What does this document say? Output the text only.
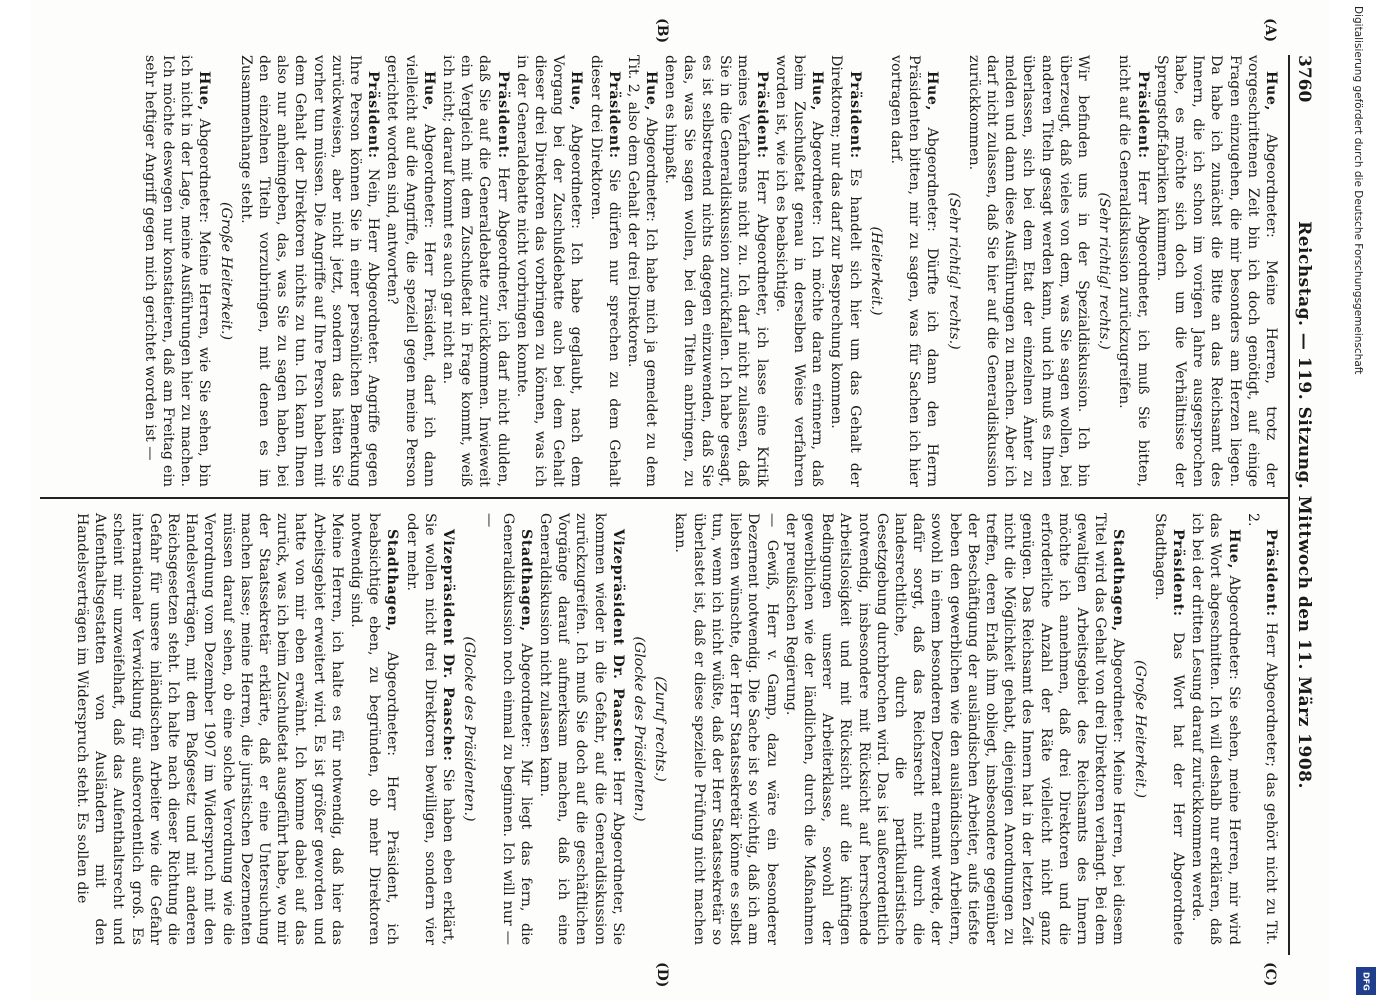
3760
Reichstag. — 119. Sitzung. Mittwoch den 11. März 1908.
(A)
(B)
(C)
(D)

Hue, Abgeordneter: Meine Herren, trotz der vorgeschrittenen Zeit bin ich doch genötigt, auf einige Fragen einzugehen, die mir besonders am Herzen liegen. Da habe ich zunächst die Bitte an das Reichsamt des Innern, die ich schon im vorigen Jahre ausgesprochen habe, es möchte sich doch um die Verhältnisse der Sprengstoff-fabriken kümmern.

Präsident: Herr Abgeordneter, ich muß Sie bitten, nicht auf die Generaldiskussion zurückzugreifen.

(Sehr richtig! rechts.)

Wir befinden uns in der Spezialdiskussion. Ich bin überzeugt, daß vieles von dem, was Sie sagen wollen, bei anderen Titeln gesagt werden kann, und ich muß es Ihnen überlassen, sich bei dem Etat der einzelnen Ämter zu melden und dann diese Ausführungen zu machen. Aber ich darf nicht zulassen, daß Sie hier auf die Generaldiskussion zurückkommen.

(Sehr richtig! rechts.)

Hue, Abgeordneter: Dürfte ich dann den Herrn Präsidenten bitten, mir zu sagen, was für Sachen ich hier vortragen darf.

(Heiterkeit.)

Präsident: Es handelt sich hier um das Gehalt der Direktoren; nur das darf zur Besprechung kommen.

Hue, Abgeordneter: Ich möchte daran erinnern, daß beim Zuschußetat genau in derselben Weise verfahren worden ist, wie ich es beabsichtige.

Präsident: Herr Abgeordneter, ich lasse eine Kritik meines Verfahrens nicht zu. Ich darf nicht zulassen, daß Sie in die Generaldiskussion zurückfallen. Ich habe gesagt, es ist selbstredend nichts dagegen einzuwenden, daß Sie das, was Sie sagen wollen, bei den Titeln anbringen, zu denen es hinpaßt.

Hue, Abgeordneter: Ich habe mich ja gemeldet zu dem Tit. 2, also dem Gehalt der drei Direktoren.

Präsident: Sie dürfen nur sprechen zu dem Gehalt dieser drei Direktoren.

Hue, Abgeordneter: Ich habe geglaubt, nach dem Vorgang bei der Zuschußdebatte auch bei dem Gehalt dieser drei Direktoren das vorbringen zu können, was ich in der Generaldebatte nicht vorbringen konnte.

Präsident: Herr Abgeordneter, ich darf nicht dulden, daß Sie auf die Generaldebatte zurückkommen. Inwieweit ein Vergleich mit dem Zuschußetat in Frage kommt, weiß ich nicht; darauf kommt es auch gar nicht an.

Hue, Abgeordneter: Herr Präsident, darf ich dann vielleicht auf die Angriffe, die speziell gegen meine Person gerichtet worden sind, antworten?

Präsident: Nein, Herr Abgeordneter. Angriffe gegen Ihre Person können Sie in einer persönlichen Bemerkung zurückweisen, aber nicht jetzt, sondern das hätten Sie vorher tun müssen. Die Angriffe auf Ihre Person haben mit dem Gehalt der Direktoren nichts zu tun. Ich kann Ihnen also nur anheimgeben, das, was Sie zu sagen haben, bei den einzelnen Titeln vorzubringen, mit denen es im Zusammenhange steht.

(Große Heiterkeit.)

Hue, Abgeordneter: Meine Herren, wie Sie sehen, bin ich nicht in der Lage, meine Ausführungen hier zu machen. Ich möchte deswegen nur konstatieren, daß am Freitag ein sehr heftiger Angriff gegen mich gerichtet worden ist —

Präsident: Herr Abgeordneter; das gehört nicht zu Tit. 2.

Hue, Abgeordneter: Sie sehen, meine Herren, mir wird das Wort abgeschnitten. Ich will deshalb nur erklären, daß ich bei der dritten Lesung darauf zurückkommen werde.

Präsident: Das Wort hat der Herr Abgeordnete Stadthagen.

(Große Heiterkeit.)

Stadthagen, Abgeordneter: Meine Herren, bei diesem Titel wird das Gehalt von drei Direktoren verlangt. Bei dem gewaltigen Arbeitsgebiet des Reichsamts des Innern möchte ich annehmen, daß drei Direktoren und die erforderliche Anzahl der Räte vielleicht nicht ganz genügen. Das Reichsamt des Innern hat in der letzten Zeit nicht die Möglichkeit gehabt, diejenigen Anordnungen zu treffen, deren Erlaß ihm obliegt, insbesondere gegenüber der Beschäftigung der ausländischen Arbeiter, aufs tiefste beben den gewerblichen wie den ausländischen Arbeitern, sowohl in einem besonderen Dezernat ernannt werde, der dafür sorgt, daß das Reichsrecht nicht durch die landesrechtliche, durch die partikularistische Gesetzgebung durchbrochen wird. Das ist außerordentlich notwendig, insbesondere mit Rücksicht auf herrschende Arbeitslosigkeit und mit Rücksicht auf die künftigen Bedingungen unserer Arbeiterklasse, sowohl der gewerblichen wie der ländlichen, durch die Maßnahmen der preußischen Regierung.

— Gewiß, Herr v. Gamp, dazu wäre ein besonderer Dezernent notwendig. Die Sache ist so wichtig, daß ich am liebsten wünschte, der Herr Staatssekretär könne es selbst tun, wenn ich nicht wüßte, daß der Herr Staatssekretär so überlastet ist, daß er diese spezielle Prüfung nicht machen kann.

(Zuruf rechts.)

(Glocke des Präsidenten.)

Vizepräsident Dr. Paasche: Herr Abgeordneter, Sie kommen wieder in die Gefahr, auf die Generaldiskussion zurückzugreifen. Ich muß Sie doch auf die geschäftlichen Vorgänge darauf aufmerksam machen, daß ich eine Generaldiskussion nicht zulassen kann.

Stadthagen, Abgeordneter: Mir liegt das fern, die Generaldiskussion noch einmal zu beginnen. Ich will nur — —

(Glocke des Präsidenten.)

Vizepräsident Dr. Paasche: Sie haben eben erklärt, Sie wollen nicht drei Direktoren bewilligen, sondern vier oder mehr.

Stadthagen, Abgeordneter: Herr Präsident, ich beabsichtige eben, zu begründen, ob mehr Direktoren notwendig sind.

Meine Herren, ich halte es für notwendig, daß hier das Arbeitsgebiet erweitert wird. Es ist größer geworden und hatte von mir eben erwähnt. Ich komme dabei auf das zurück, was ich beim Zuschußetat ausgeführt habe, wo mir der Staatssekretär erklärte, daß er eine Untersuchung machen lasse; meine Herren, die juristischen Dezernenten müssen darauf sehen, ob eine solche Verordnung wie die Verordnung vom Dezember 1907 im Widerspruch mit den Handelsverträgen, mit dem Paßgesetz und mit anderen Reichsgesetzen steht. Ich halte nach dieser Richtung die Gefahr für unsere inländischen Arbeiter wie die Gefahr internationaler Verwicklung für außerordentlich groß. Es scheint mir unzweifelhaft, daß das Aufenthaltsrecht und Aufenthaltsgestatten von Ausländern mit den Handelsverträgen im Widerspruch steht. Es sollen die

Digitalisierung gefördert durch die Deutsche Forschungsgemeinschaft
DFG
